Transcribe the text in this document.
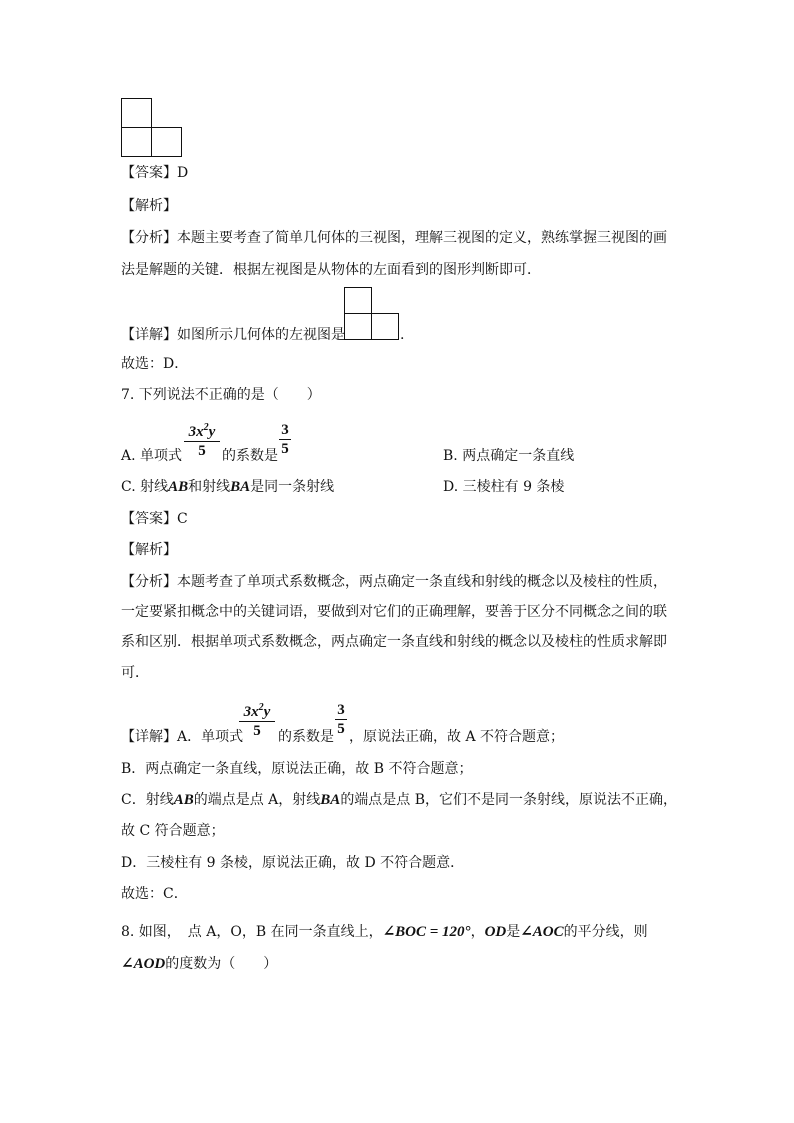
【答案】D
【解析】
【分析】本题主要考查了简单几何体的三视图，理解三视图的定义，熟练掌握三视图的画
法是解题的关键．根据左视图是从物体的左面看到的图形判断即可．
【详解】如图所示几何体的左视图是	.
故选：D．
7. 下列说法不正确的是（　　）
A. 单项式
$3x^2y$
5	的系数是
3
5	B. 两点确定一条直线
C. 射线AB和射线BA是同一条射线	D. 三棱柱有 9 条棱
【答案】C
【解析】
【分析】本题考查了单项式系数概念，两点确定一条直线和射线的概念以及棱柱的性质，
一定要紧扣概念中的关键词语，要做到对它们的正确理解，要善于区分不同概念之间的联
系和区别．根据单项式系数概念，两点确定一条直线和射线的概念以及棱柱的性质求解即
可．
【详解】A．单项式
$3x^2y$
5	的系数是
3
5 ，原说法正确，故 A 不符合题意；
B．两点确定一条直线，原说法正确，故 B 不符合题意；
C．射线AB的端点是点 A，射线BA的端点是点 B，它们不是同一条射线，原说法不正确，
故 C 符合题意；
D．三棱柱有 9 条棱，原说法正确，故 D 不符合题意．
故选：C．
8. 如图，　点 A，O，B 在同一条直线上，∠BOC = 120°，OD是∠AOC的平分线，则
∠AOD的度数为（　　）
